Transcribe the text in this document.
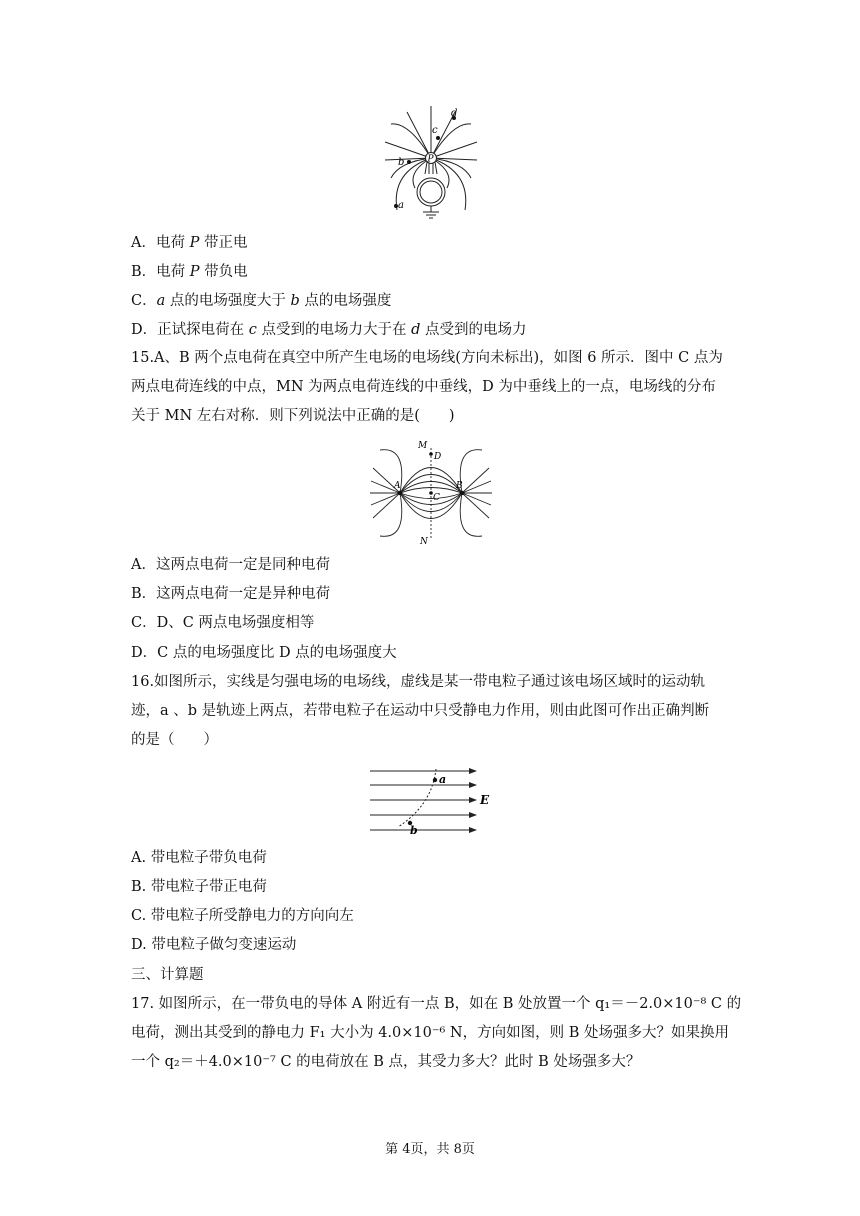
P
a
b
c
d
A．电荷 P 带正电
B．电荷 P 带负电
C．a 点的电场强度大于 b 点的电场强度
D．正试探电荷在 c 点受到的电场力大于在 d 点受到的电场力
15.A、B 两个点电荷在真空中所产生电场的电场线(方向未标出)，如图 6 所示．图中 C 点为
两点电荷连线的中点，MN 为两点电荷连线的中垂线，D 为中垂线上的一点，电场线的分布
关于 MN 左右对称．则下列说法中正确的是(　　)
M
D
A	B
C
N
A．这两点电荷一定是同种电荷
B．这两点电荷一定是异种电荷
C．D、C 两点电场强度相等
D．C 点的电场强度比 D 点的电场强度大
16.如图所示，实线是匀强电场的电场线，虚线是某一带电粒子通过该电场区域时的运动轨
迹，a 、b 是轨迹上两点，若带电粒子在运动中只受静电力作用，则由此图可作出正确判断
的是（　　）
a
b
E
A. 带电粒子带负电荷
B. 带电粒子带正电荷
C. 带电粒子所受静电力的方向向左
D. 带电粒子做匀变速运动
三、计算题
17. 如图所示，在一带负电的导体 A 附近有一点 B，如在 B 处放置一个 q₁＝－2.0×10⁻⁸ C 的
电荷，测出其受到的静电力 F₁ 大小为 4.0×10⁻⁶ N，方向如图，则 B 处场强多大？如果换用
一个 q₂＝＋4.0×10⁻⁷ C 的电荷放在 B 点，其受力多大？此时 B 处场强多大？
第 4页，共 8页
